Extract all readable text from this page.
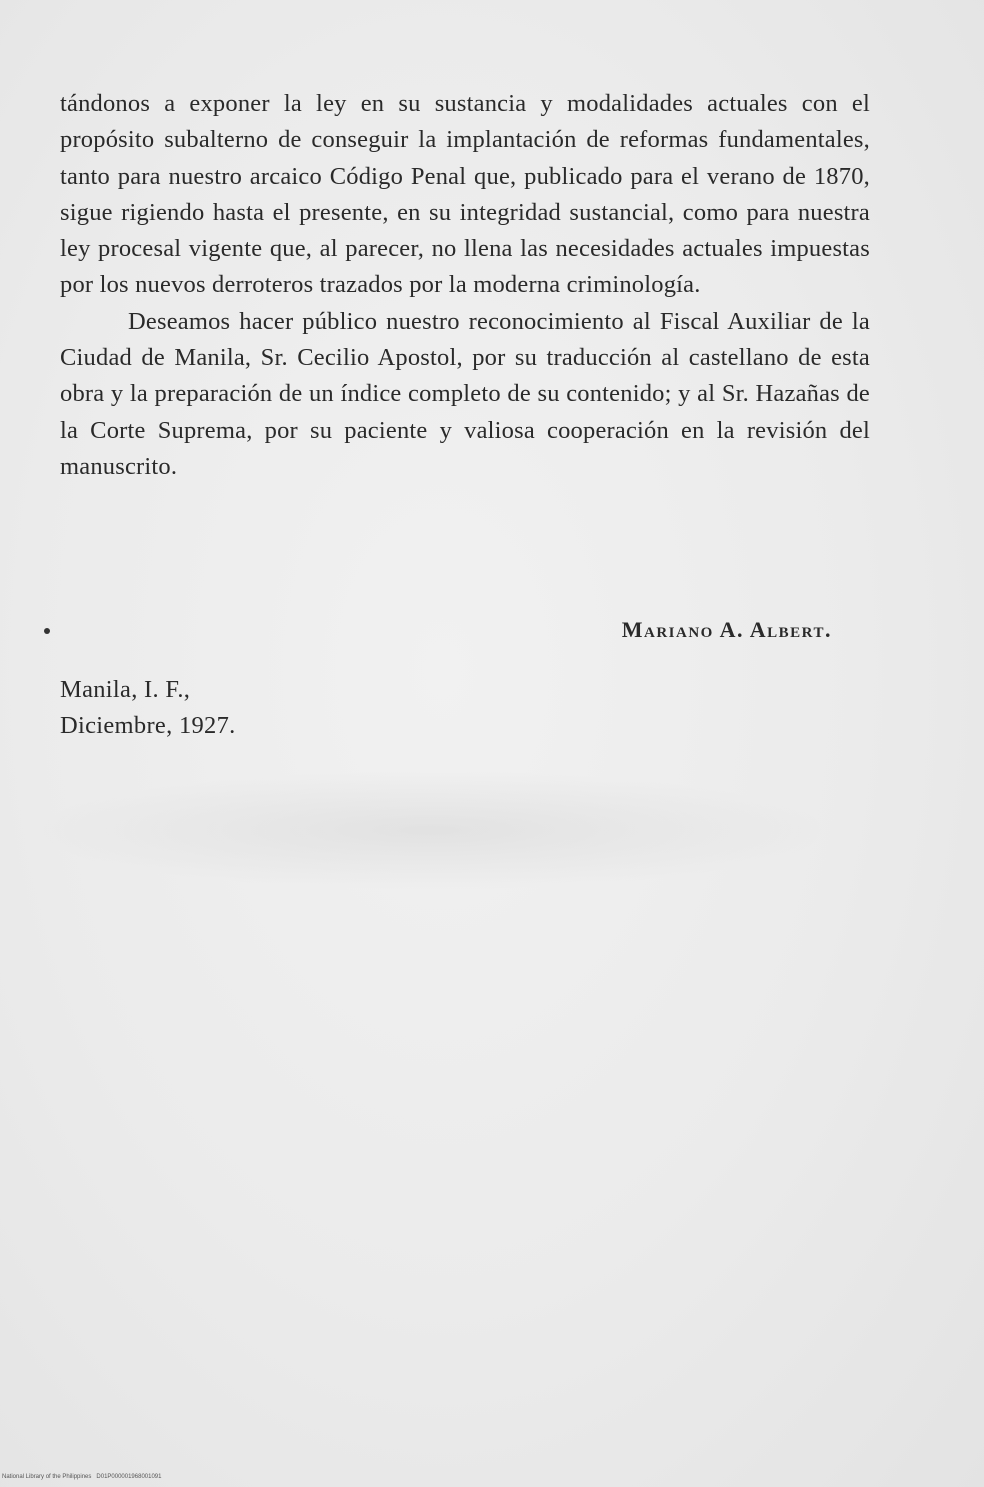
tándonos a exponer la ley en su sustancia y modalidades actuales con el propósito subalterno de conseguir la implantación de reformas fundamentales, tanto para nuestro arcaico Código Penal que, publicado para el verano de 1870, sigue rigiendo hasta el presente, en su integridad sustancial, como para nuestra ley procesal vigente que, al parecer, no llena las necesidades actuales impuestas por los nuevos derroteros trazados por la moderna criminología.

Deseamos hacer público nuestro reconocimiento al Fiscal Auxiliar de la Ciudad de Manila, Sr. Cecilio Apostol, por su traducción al castellano de esta obra y la preparación de un índice completo de su contenido; y al Sr. Hazañas de la Corte Suprema, por su paciente y valiosa cooperación en la revisión del manuscrito.

Mariano A. Albert.
Manila, I. F.,
Diciembre, 1927.
National Library of the Philippines D01P000001968001091
